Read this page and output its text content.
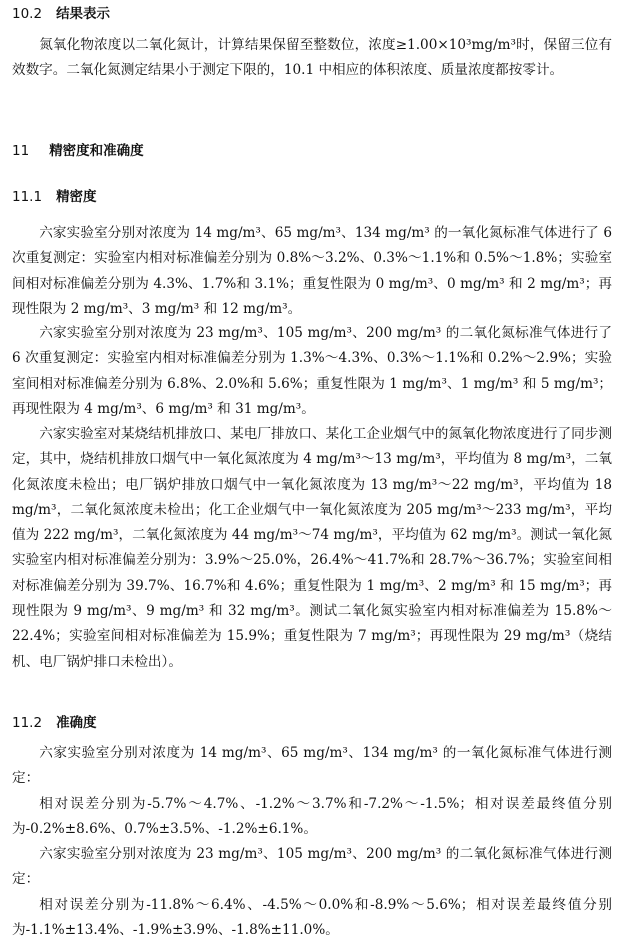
10.2 结果表示

氮氧化物浓度以二氧化氮计，计算结果保留至整数位，浓度≥1.00×10³mg/m³时，保留三位有效数字。二氧化氮测定结果小于测定下限的，10.1 中相应的体积浓度、质量浓度都按零计。

11 精密度和准确度
11.1 精密度

六家实验室分别对浓度为 14 mg/m³、65 mg/m³、134 mg/m³ 的一氧化氮标准气体进行了 6 次重复测定：实验室内相对标准偏差分别为 0.8%～3.2%、0.3%～1.1%和 0.5%～1.8%；实验室间相对标准偏差分别为 4.3%、1.7%和 3.1%；重复性限为 0 mg/m³、0 mg/m³ 和 2 mg/m³；再现性限为 2 mg/m³、3 mg/m³ 和 12 mg/m³。

六家实验室分别对浓度为 23 mg/m³、105 mg/m³、200 mg/m³ 的二氧化氮标准气体进行了 6 次重复测定：实验室内相对标准偏差分别为 1.3%～4.3%、0.3%～1.1%和 0.2%～2.9%；实验室间相对标准偏差分别为 6.8%、2.0%和 5.6%；重复性限为 1 mg/m³、1 mg/m³ 和 5 mg/m³；再现性限为 4 mg/m³、6 mg/m³ 和 31 mg/m³。

六家实验室对某烧结机排放口、某电厂排放口、某化工企业烟气中的氮氧化物浓度进行了同步测定，其中，烧结机排放口烟气中一氧化氮浓度为 4 mg/m³～13 mg/m³，平均值为 8 mg/m³，二氧化氮浓度未检出；电厂锅炉排放口烟气中一氧化氮浓度为 13 mg/m³～22 mg/m³，平均值为 18 mg/m³，二氧化氮浓度未检出；化工企业烟气中一氧化氮浓度为 205 mg/m³～233 mg/m³，平均值为 222 mg/m³，二氧化氮浓度为 44 mg/m³～74 mg/m³，平均值为 62 mg/m³。测试一氧化氮实验室内相对标准偏差分别为：3.9%～25.0%，26.4%～41.7%和 28.7%～36.7%；实验室间相对标准偏差分别为 39.7%、16.7%和 4.6%；重复性限为 1 mg/m³、2 mg/m³ 和 15 mg/m³；再现性限为 9 mg/m³、9 mg/m³ 和 32 mg/m³。测试二氧化氮实验室内相对标准偏差为 15.8%～22.4%；实验室间相对标准偏差为 15.9%；重复性限为 7 mg/m³；再现性限为 29 mg/m³（烧结机、电厂锅炉排口未检出）。

11.2 准确度

六家实验室分别对浓度为 14 mg/m³、65 mg/m³、134 mg/m³ 的一氧化氮标准气体进行测定：

相对误差分别为-5.7%～4.7%、-1.2%～3.7%和-7.2%～-1.5%；相对误差最终值分别为-0.2%±8.6%、0.7%±3.5%、-1.2%±6.1%。

六家实验室分别对浓度为 23 mg/m³、105 mg/m³、200 mg/m³ 的二氧化氮标准气体进行测定：

相对误差分别为-11.8%～6.4%、-4.5%～0.0%和-8.9%～5.6%；相对误差最终值分别为-1.1%±13.4%、-1.9%±3.9%、-1.8%±11.0%。
